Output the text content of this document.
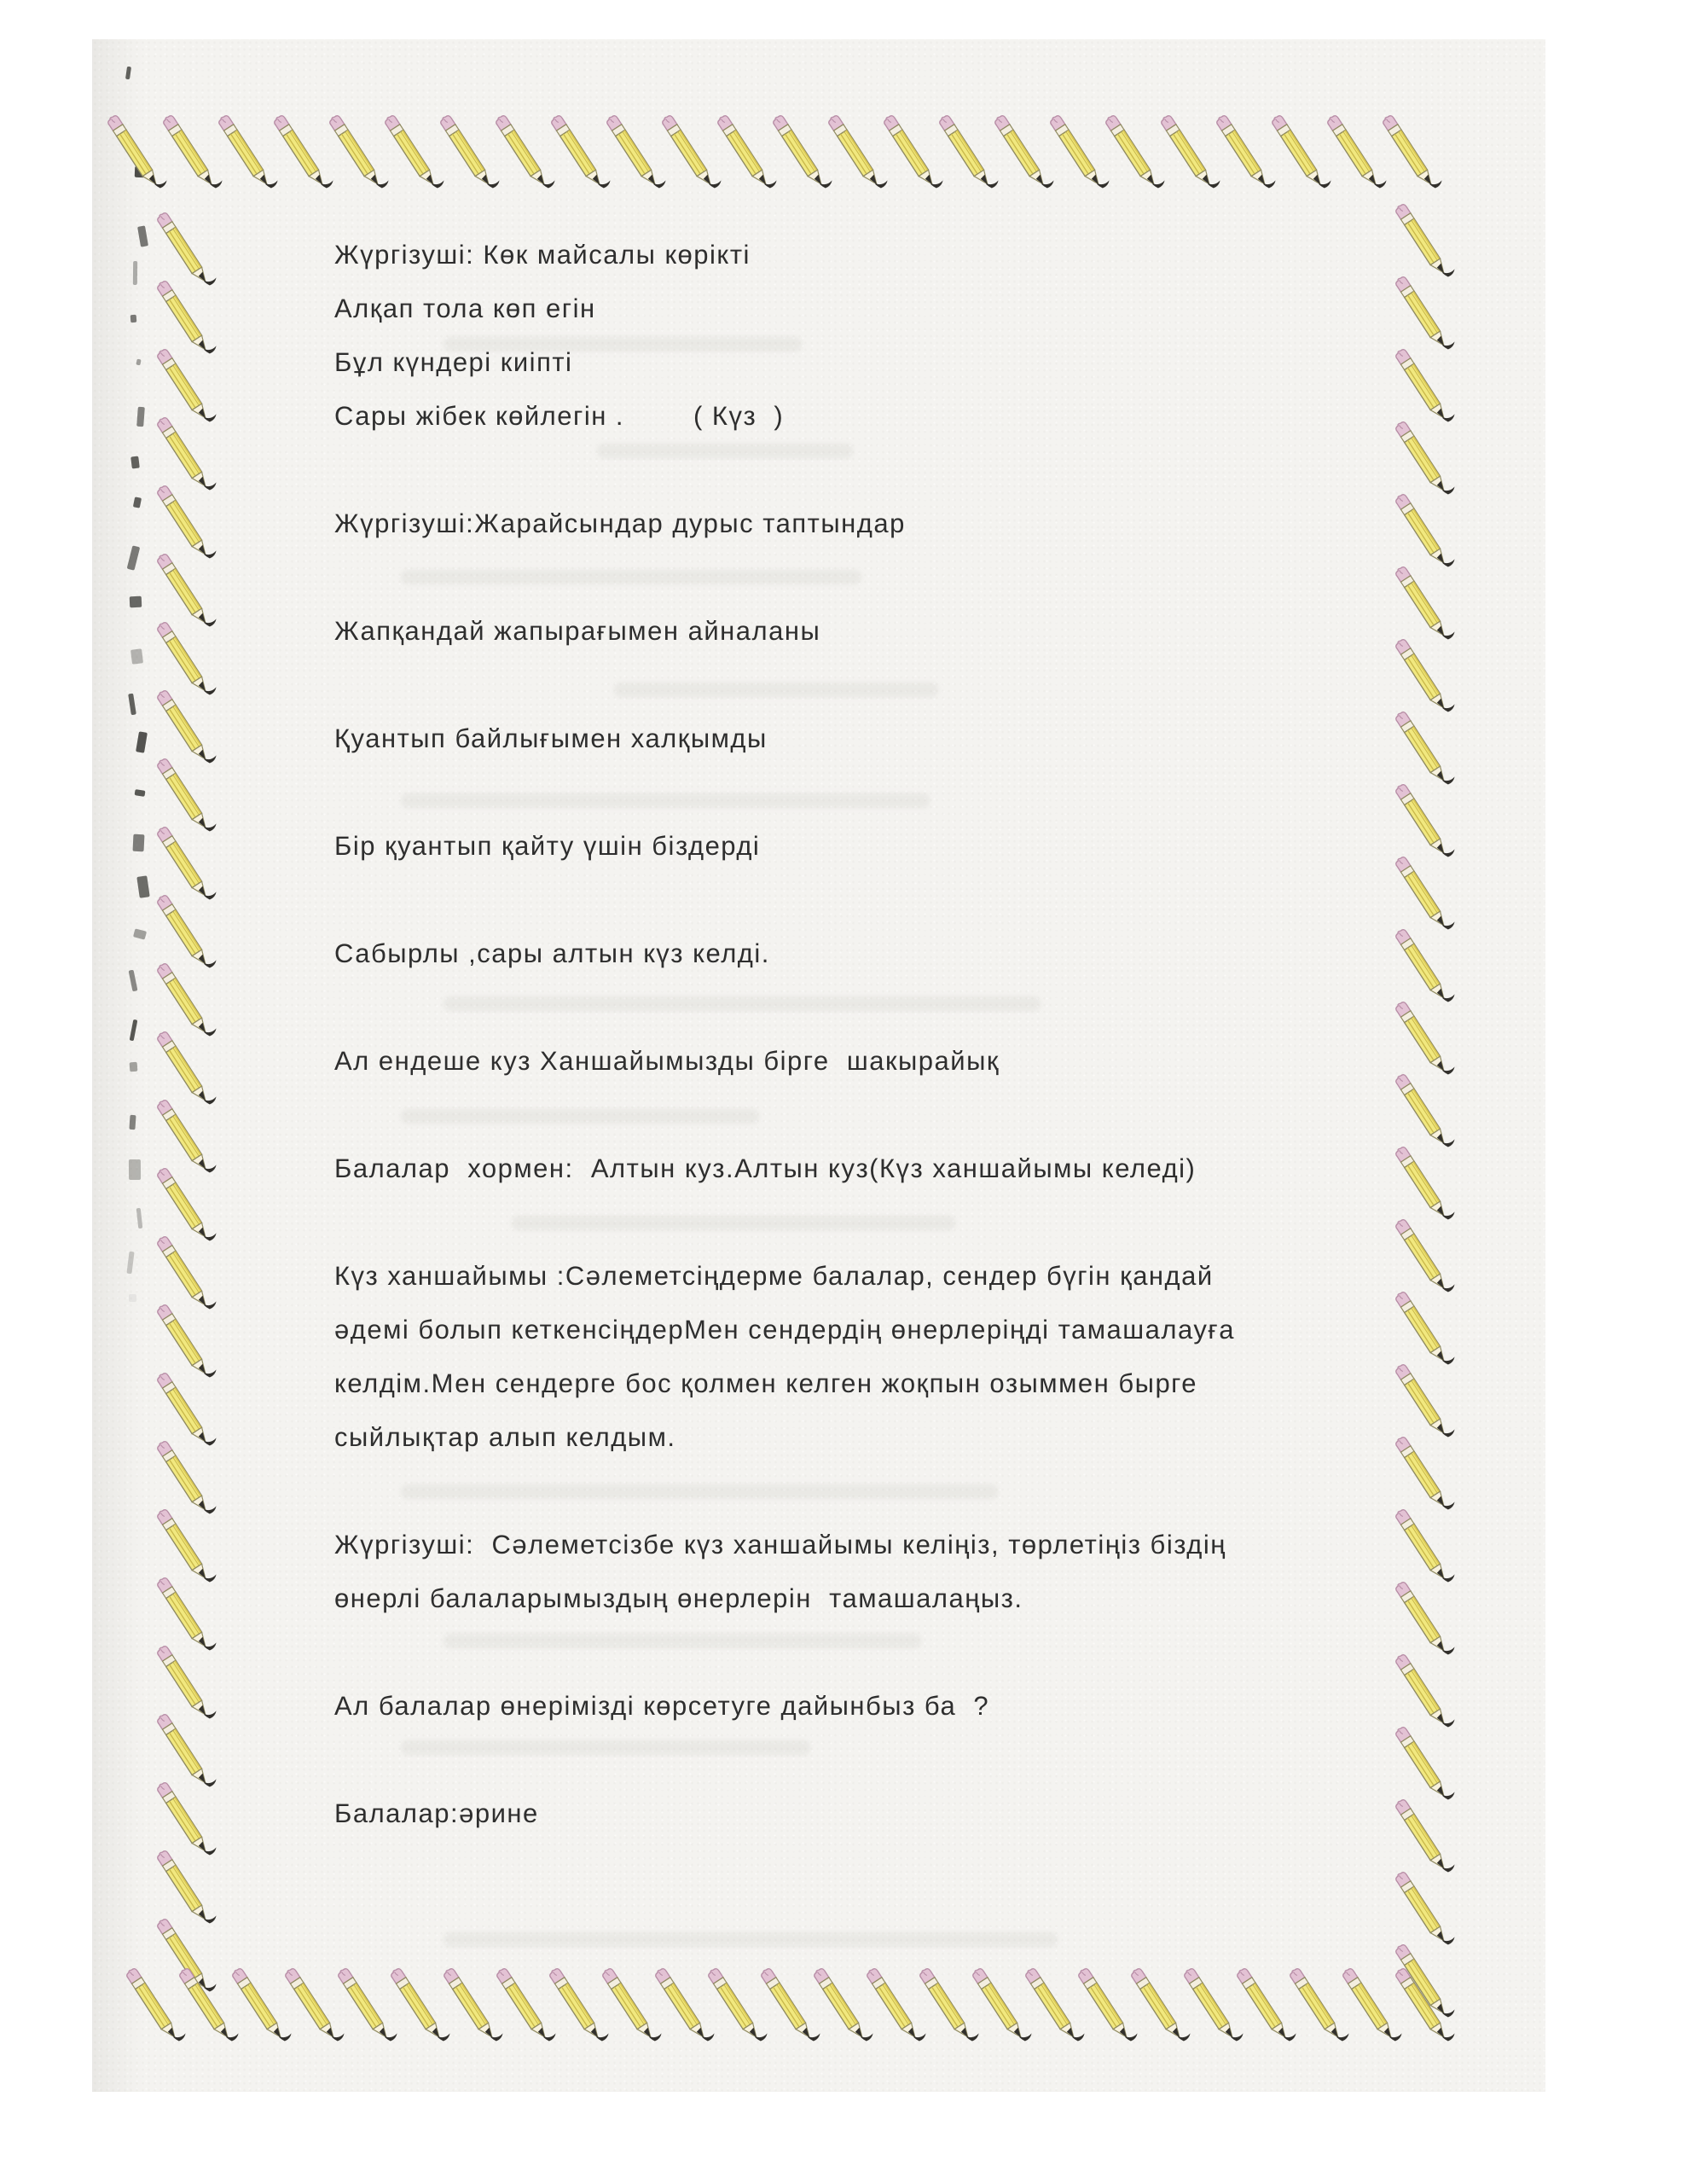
Жүргізуші: Көк майсалы көрікті
Алқап тола көп егін
Бұл күндері киіпті
Сары жібек көйлегін .        ( Күз  )
Жүргізуші:Жарайсындар дурыс таптындар
Жапқандай жапырағымен айналаны
Қуантып байлығымен халқымды
Бір қуантып қайту үшін біздерді
Сабырлы ,сары алтын күз келді.
Ал ендеше куз Ханшайымызды бірге  шакырайық
Балалар  хормен:  Алтын куз.Алтын куз(Күз ханшайымы келеді)
Күз ханшайымы :Сәлеметсіңдерме балалар, сендер бүгін қандай
әдемі болып кеткенсіңдерМен сендердің өнерлеріңді тамашалауға
келдім.Мен сендерге бос қолмен келген жоқпын озыммен бырге
сыйлықтар алып келдым.
Жүргізуші:  Сәлеметсізбе күз ханшайымы келіңіз, төрлетіңіз біздің
өнерлі балаларымыздың өнерлерін  тамашалаңыз.
Ал балалар өнерімізді көрсетуге дайынбыз ба  ?
Балалар:әрине
